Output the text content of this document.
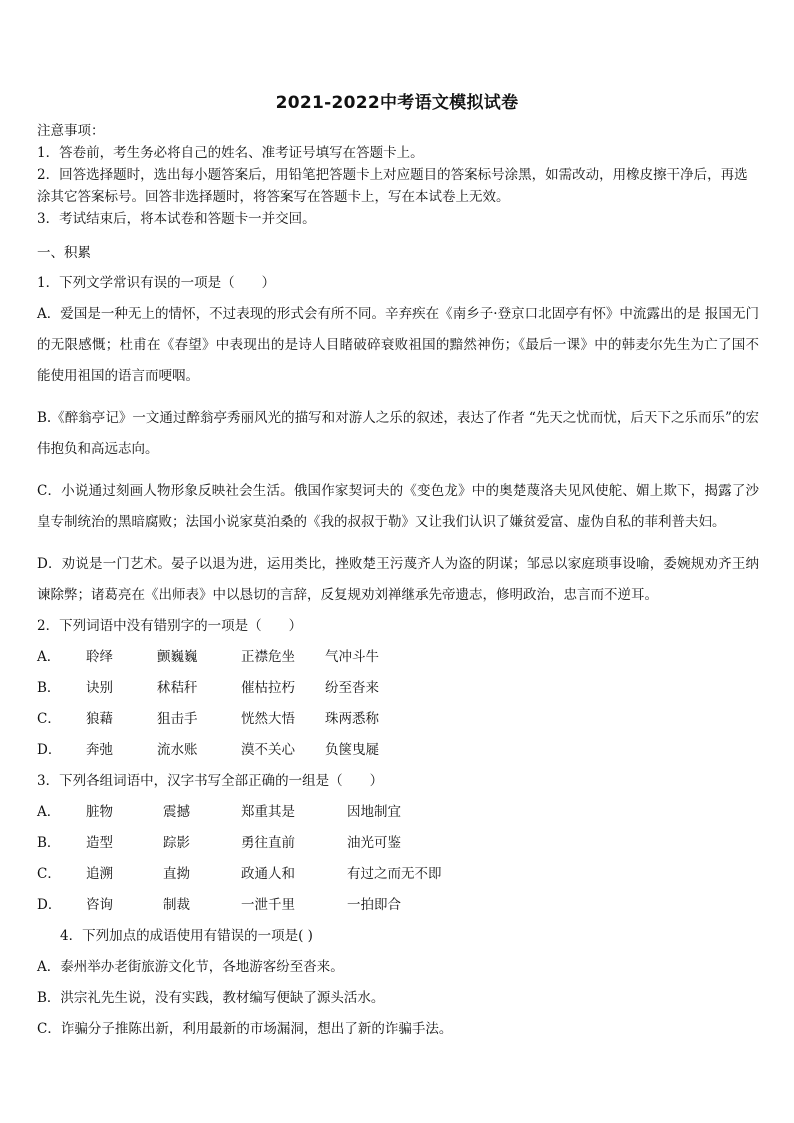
2021-2022中考语文模拟试卷

注意事项：

1．答卷前，考生务必将自己的姓名、准考证号填写在答题卡上。

2．回答选择题时，选出每小题答案后，用铅笔把答题卡上对应题目的答案标号涂黑，如需改动，用橡皮擦干净后，再选涂其它答案标号。回答非选择题时，将答案写在答题卡上，写在本试卷上无效。

3．考试结束后，将本试卷和答题卡一并交回。

一、积累

1．下列文学常识有误的一项是（　　）

A．爱国是一种无上的情怀，不过表现的形式会有所不同。辛弃疾在《南乡子·登京口北固亭有怀》中流露出的是 报国无门的无限感慨；杜甫在《春望》中表现出的是诗人目睹破碎衰败祖国的黯然神伤；《最后一课》中的韩麦尔先生为亡了国不能使用祖国的语言而哽咽。

B.《醉翁亭记》一文通过醉翁亭秀丽风光的描写和对游人之乐的叙述，表达了作者 “先天之忧而忧，后天下之乐而乐”的宏伟抱负和高远志向。

C．小说通过刻画人物形象反映社会生活。俄国作家契诃夫的《变色龙》中的奥楚蔑洛夫见风使舵、媚上欺下，揭露了沙皇专制统治的黑暗腐败；法国小说家莫泊桑的《我的叔叔于勒》又让我们认识了嫌贫爱富、虚伪自私的菲利普夫妇。

D．劝说是一门艺术。晏子以退为进，运用类比，挫败楚王污蔑齐人为盗的阴谋；邹忌以家庭琐事设喻，委婉规劝齐王纳谏除弊；诸葛亮在《出师表》中以恳切的言辞，反复规劝刘禅继承先帝遗志，修明政治，忠言而不逆耳。

2．下列词语中没有错别字的一项是（　　）

A． 聆绎	颤巍巍	正襟危坐 气冲斗牛
B． 诀别	秫秸秆	催枯拉朽 纷至沓来
C． 狼藉	狙击手	恍然大悟 珠两悉称
D． 奔弛	流水账	漠不关心 负箧曳屣

3．下列各组词语中，汉字书写全部正确的一组是（　　）

A． 脏物	震撼	郑重其是	因地制宜
B． 造型	踪影	勇往直前	油光可鉴
C． 追溯	直拗	政通人和	有过之而无不即
D． 咨询	制裁	一泄千里	一拍即合

4．下列加点的成语使用有错误的一项是( )

A．泰州举办老街旅游文化节，各地游客纷至沓来。

B．洪宗礼先生说，没有实践，教材编写便缺了源头活水。

C．诈骗分子推陈出新，利用最新的市场漏洞，想出了新的诈骗手法。
